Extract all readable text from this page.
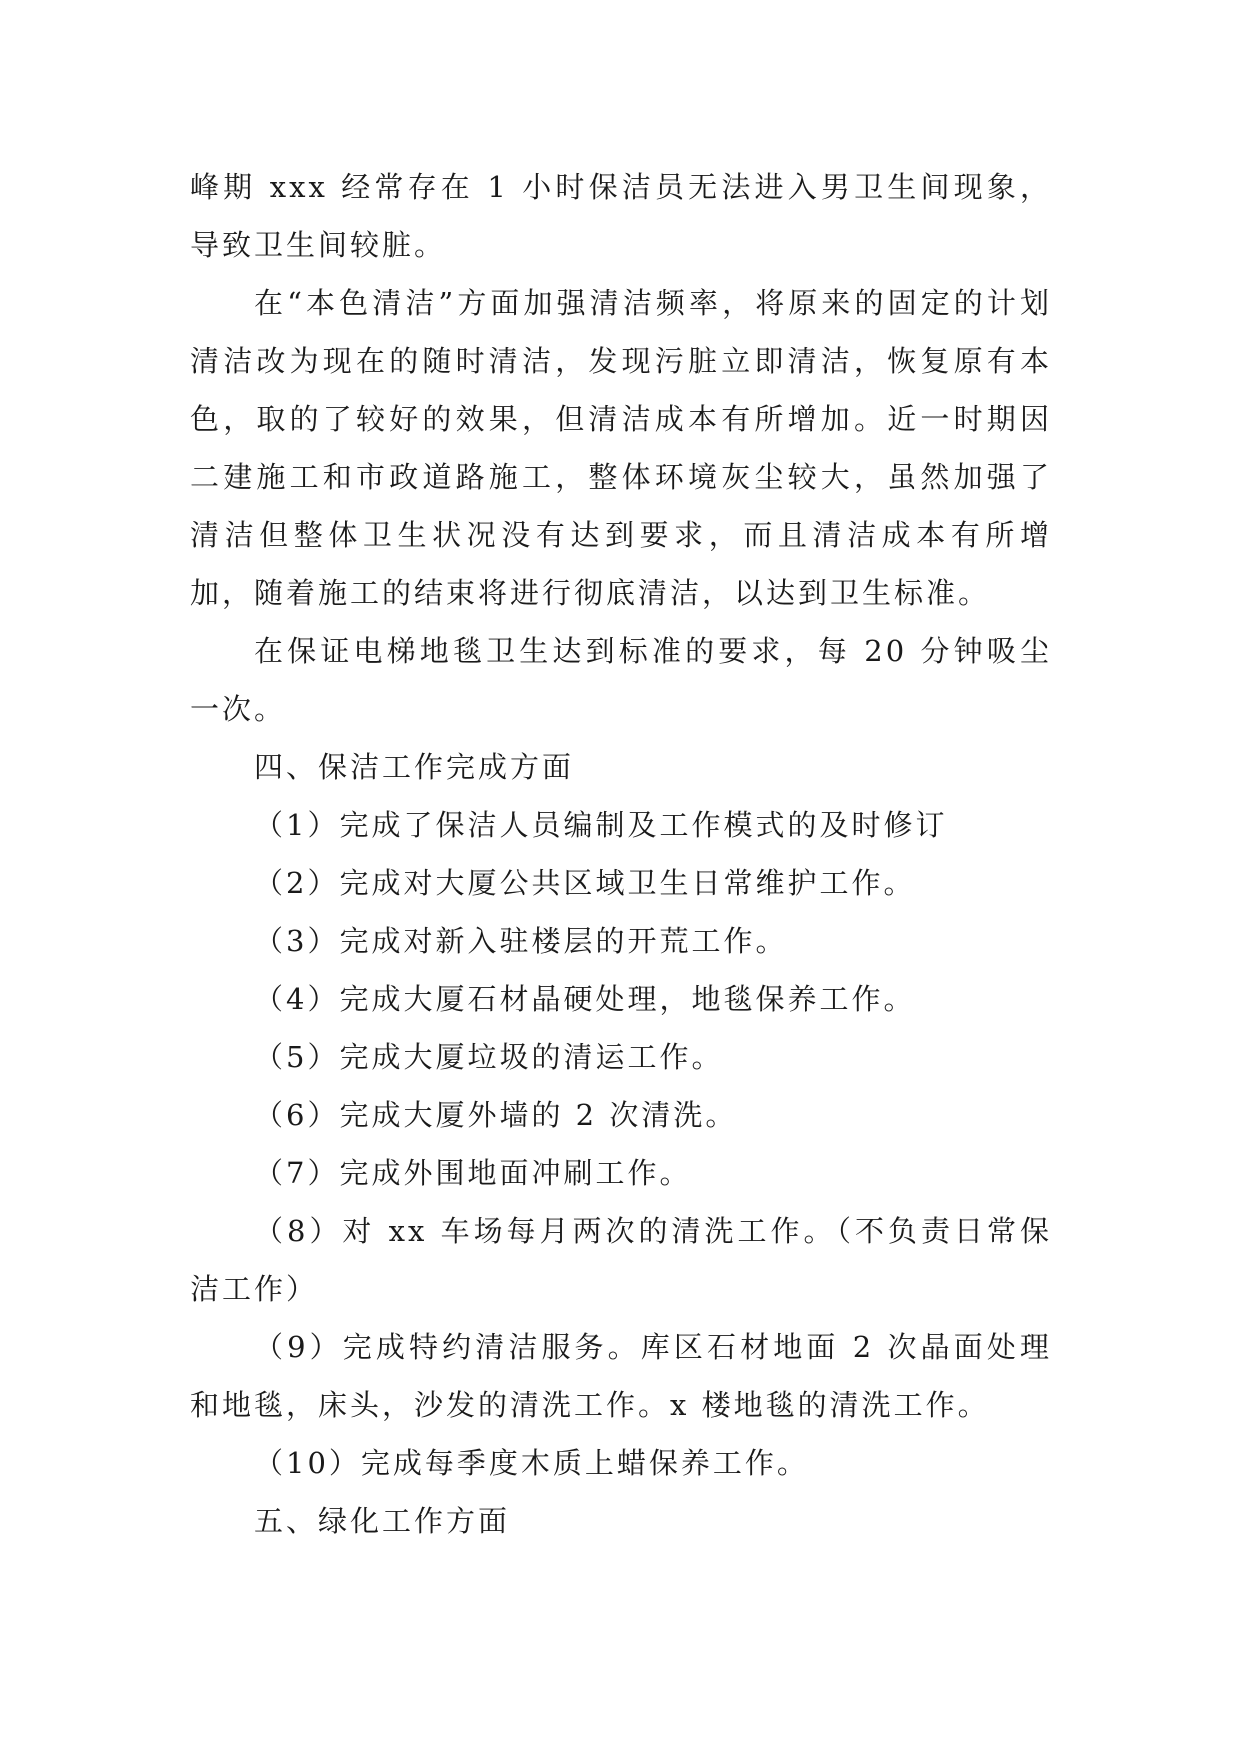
峰期 xxx 经常存在 1 小时保洁员无法进入男卫生间现象，导致卫生间较脏。

在“本色清洁”方面加强清洁频率，将原来的固定的计划清洁改为现在的随时清洁，发现污脏立即清洁，恢复原有本色，取的了较好的效果，但清洁成本有所增加。近一时期因二建施工和市政道路施工，整体环境灰尘较大，虽然加强了清洁但整体卫生状况没有达到要求，而且清洁成本有所增加，随着施工的结束将进行彻底清洁，以达到卫生标准。

在保证电梯地毯卫生达到标准的要求，每 20 分钟吸尘一次。

四、保洁工作完成方面

（1）完成了保洁人员编制及工作模式的及时修订

（2）完成对大厦公共区域卫生日常维护工作。

（3）完成对新入驻楼层的开荒工作。

（4）完成大厦石材晶硬处理，地毯保养工作。

（5）完成大厦垃圾的清运工作。

（6）完成大厦外墙的 2 次清洗。

（7）完成外围地面冲刷工作。

（8）对 xx 车场每月两次的清洗工作。（不负责日常保洁工作）

（9）完成特约清洁服务。库区石材地面 2 次晶面处理和地毯，床头，沙发的清洗工作。x 楼地毯的清洗工作。

（10）完成每季度木质上蜡保养工作。

五、绿化工作方面
